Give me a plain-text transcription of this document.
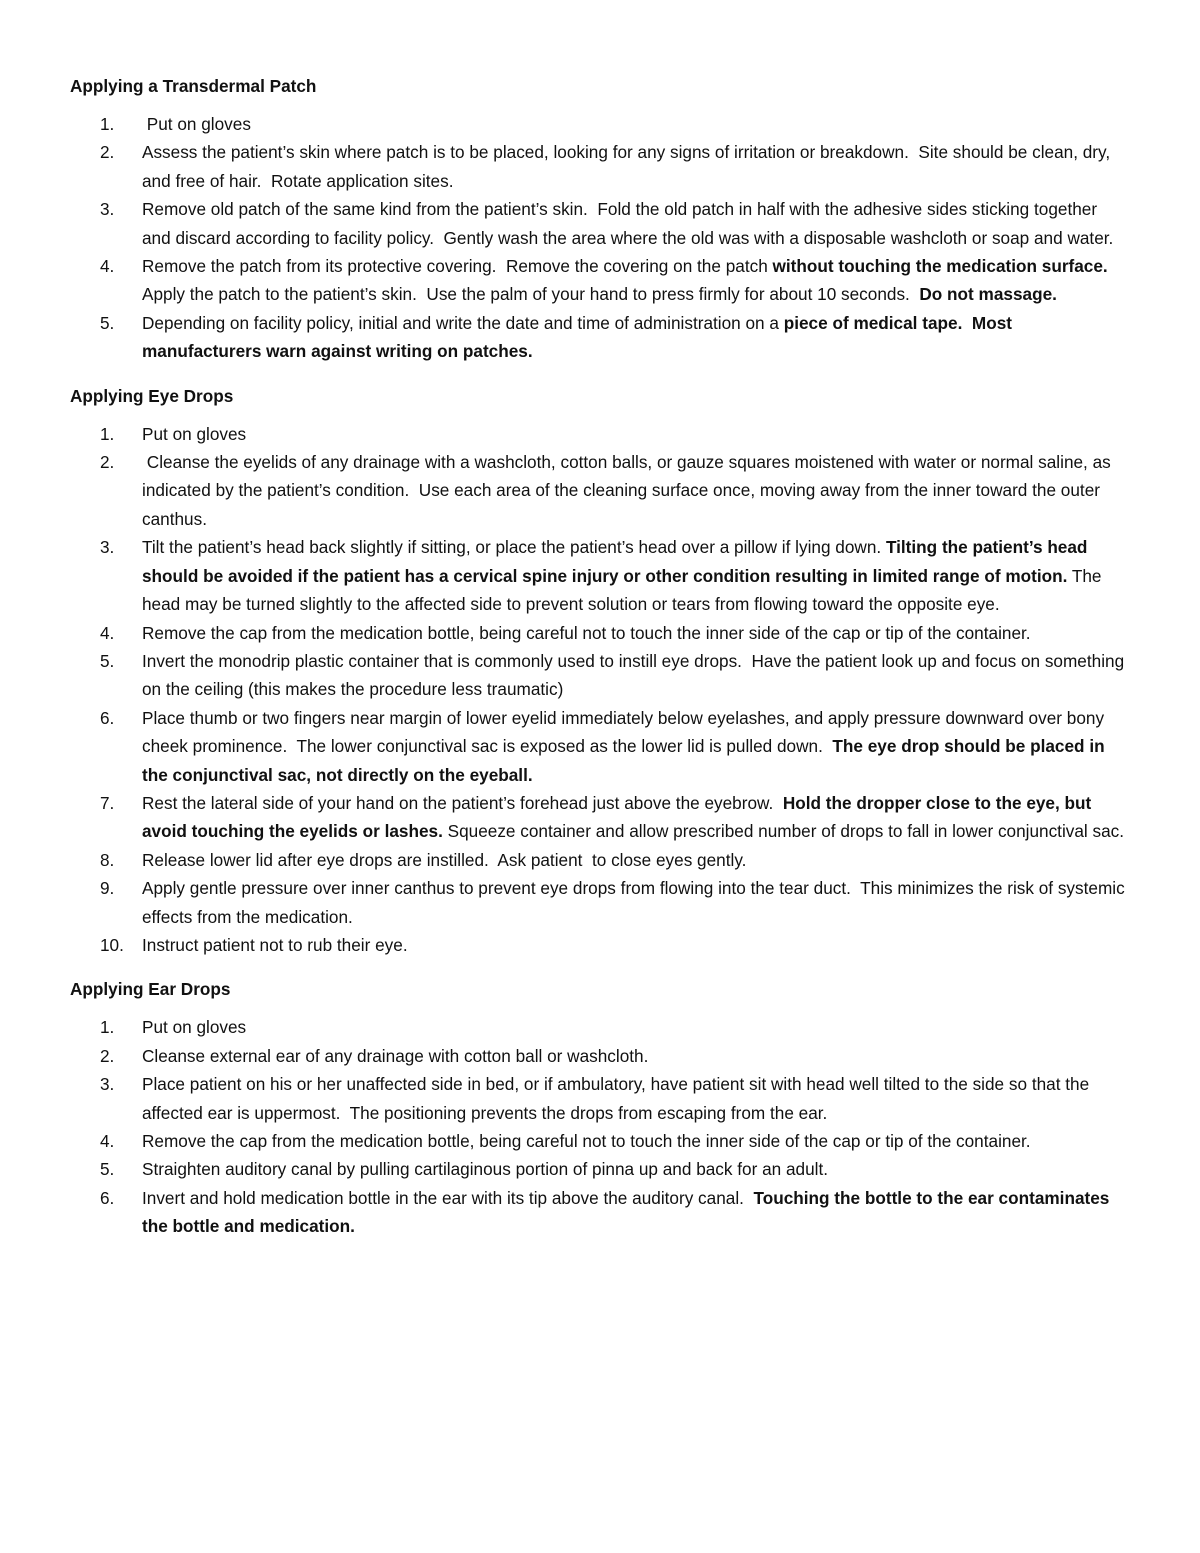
Applying a Transdermal Patch
1.	Put on gloves
2.	Assess the patient’s skin where patch is to be placed, looking for any signs of irritation or breakdown.  Site should be clean, dry, and free of hair.  Rotate application sites.
3.	Remove old patch of the same kind from the patient’s skin.  Fold the old patch in half with the adhesive sides sticking together and discard according to facility policy.  Gently wash the area where the old was with a disposable washcloth or soap and water.
4.	Remove the patch from its protective covering.  Remove the covering on the patch without touching the medication surface.  Apply the patch to the patient’s skin.  Use the palm of your hand to press firmly for about 10 seconds.  Do not massage.
5.	Depending on facility policy, initial and write the date and time of administration on a piece of medical tape.  Most manufacturers warn against writing on patches.
Applying Eye Drops
1.	Put on gloves
2.	Cleanse the eyelids of any drainage with a washcloth, cotton balls, or gauze squares moistened with water or normal saline, as indicated by the patient’s condition.  Use each area of the cleaning surface once, moving away from the inner toward the outer canthus.
3.	Tilt the patient’s head back slightly if sitting, or place the patient’s head over a pillow if lying down. Tilting the patient’s head should be avoided if the patient has a cervical spine injury or other condition resulting in limited range of motion. The head may be turned slightly to the affected side to prevent solution or tears from flowing toward the opposite eye.
4.	Remove the cap from the medication bottle, being careful not to touch the inner side of the cap or tip of the container.
5.	Invert the monodrip plastic container that is commonly used to instill eye drops.  Have the patient look up and focus on something on the ceiling (this makes the procedure less traumatic)
6.	Place thumb or two fingers near margin of lower eyelid immediately below eyelashes, and apply pressure downward over bony cheek prominence.  The lower conjunctival sac is exposed as the lower lid is pulled down.  The eye drop should be placed in the conjunctival sac, not directly on the eyeball.
7.	Rest the lateral side of your hand on the patient’s forehead just above the eyebrow.  Hold the dropper close to the eye, but avoid touching the eyelids or lashes. Squeeze container and allow prescribed number of drops to fall in lower conjunctival sac.
8.	Release lower lid after eye drops are instilled.  Ask patient  to close eyes gently.
9.	Apply gentle pressure over inner canthus to prevent eye drops from flowing into the tear duct.  This minimizes the risk of systemic effects from the medication.
10.	Instruct patient not to rub their eye.
Applying Ear Drops
1.	Put on gloves
2.	Cleanse external ear of any drainage with cotton ball or washcloth.
3.	Place patient on his or her unaffected side in bed, or if ambulatory, have patient sit with head well tilted to the side so that the affected ear is uppermost.  The positioning prevents the drops from escaping from the ear.
4.	Remove the cap from the medication bottle, being careful not to touch the inner side of the cap or tip of the container.
5.	Straighten auditory canal by pulling cartilaginous portion of pinna up and back for an adult.
6.	Invert and hold medication bottle in the ear with its tip above the auditory canal.  Touching the bottle to the ear contaminates the bottle and medication.
